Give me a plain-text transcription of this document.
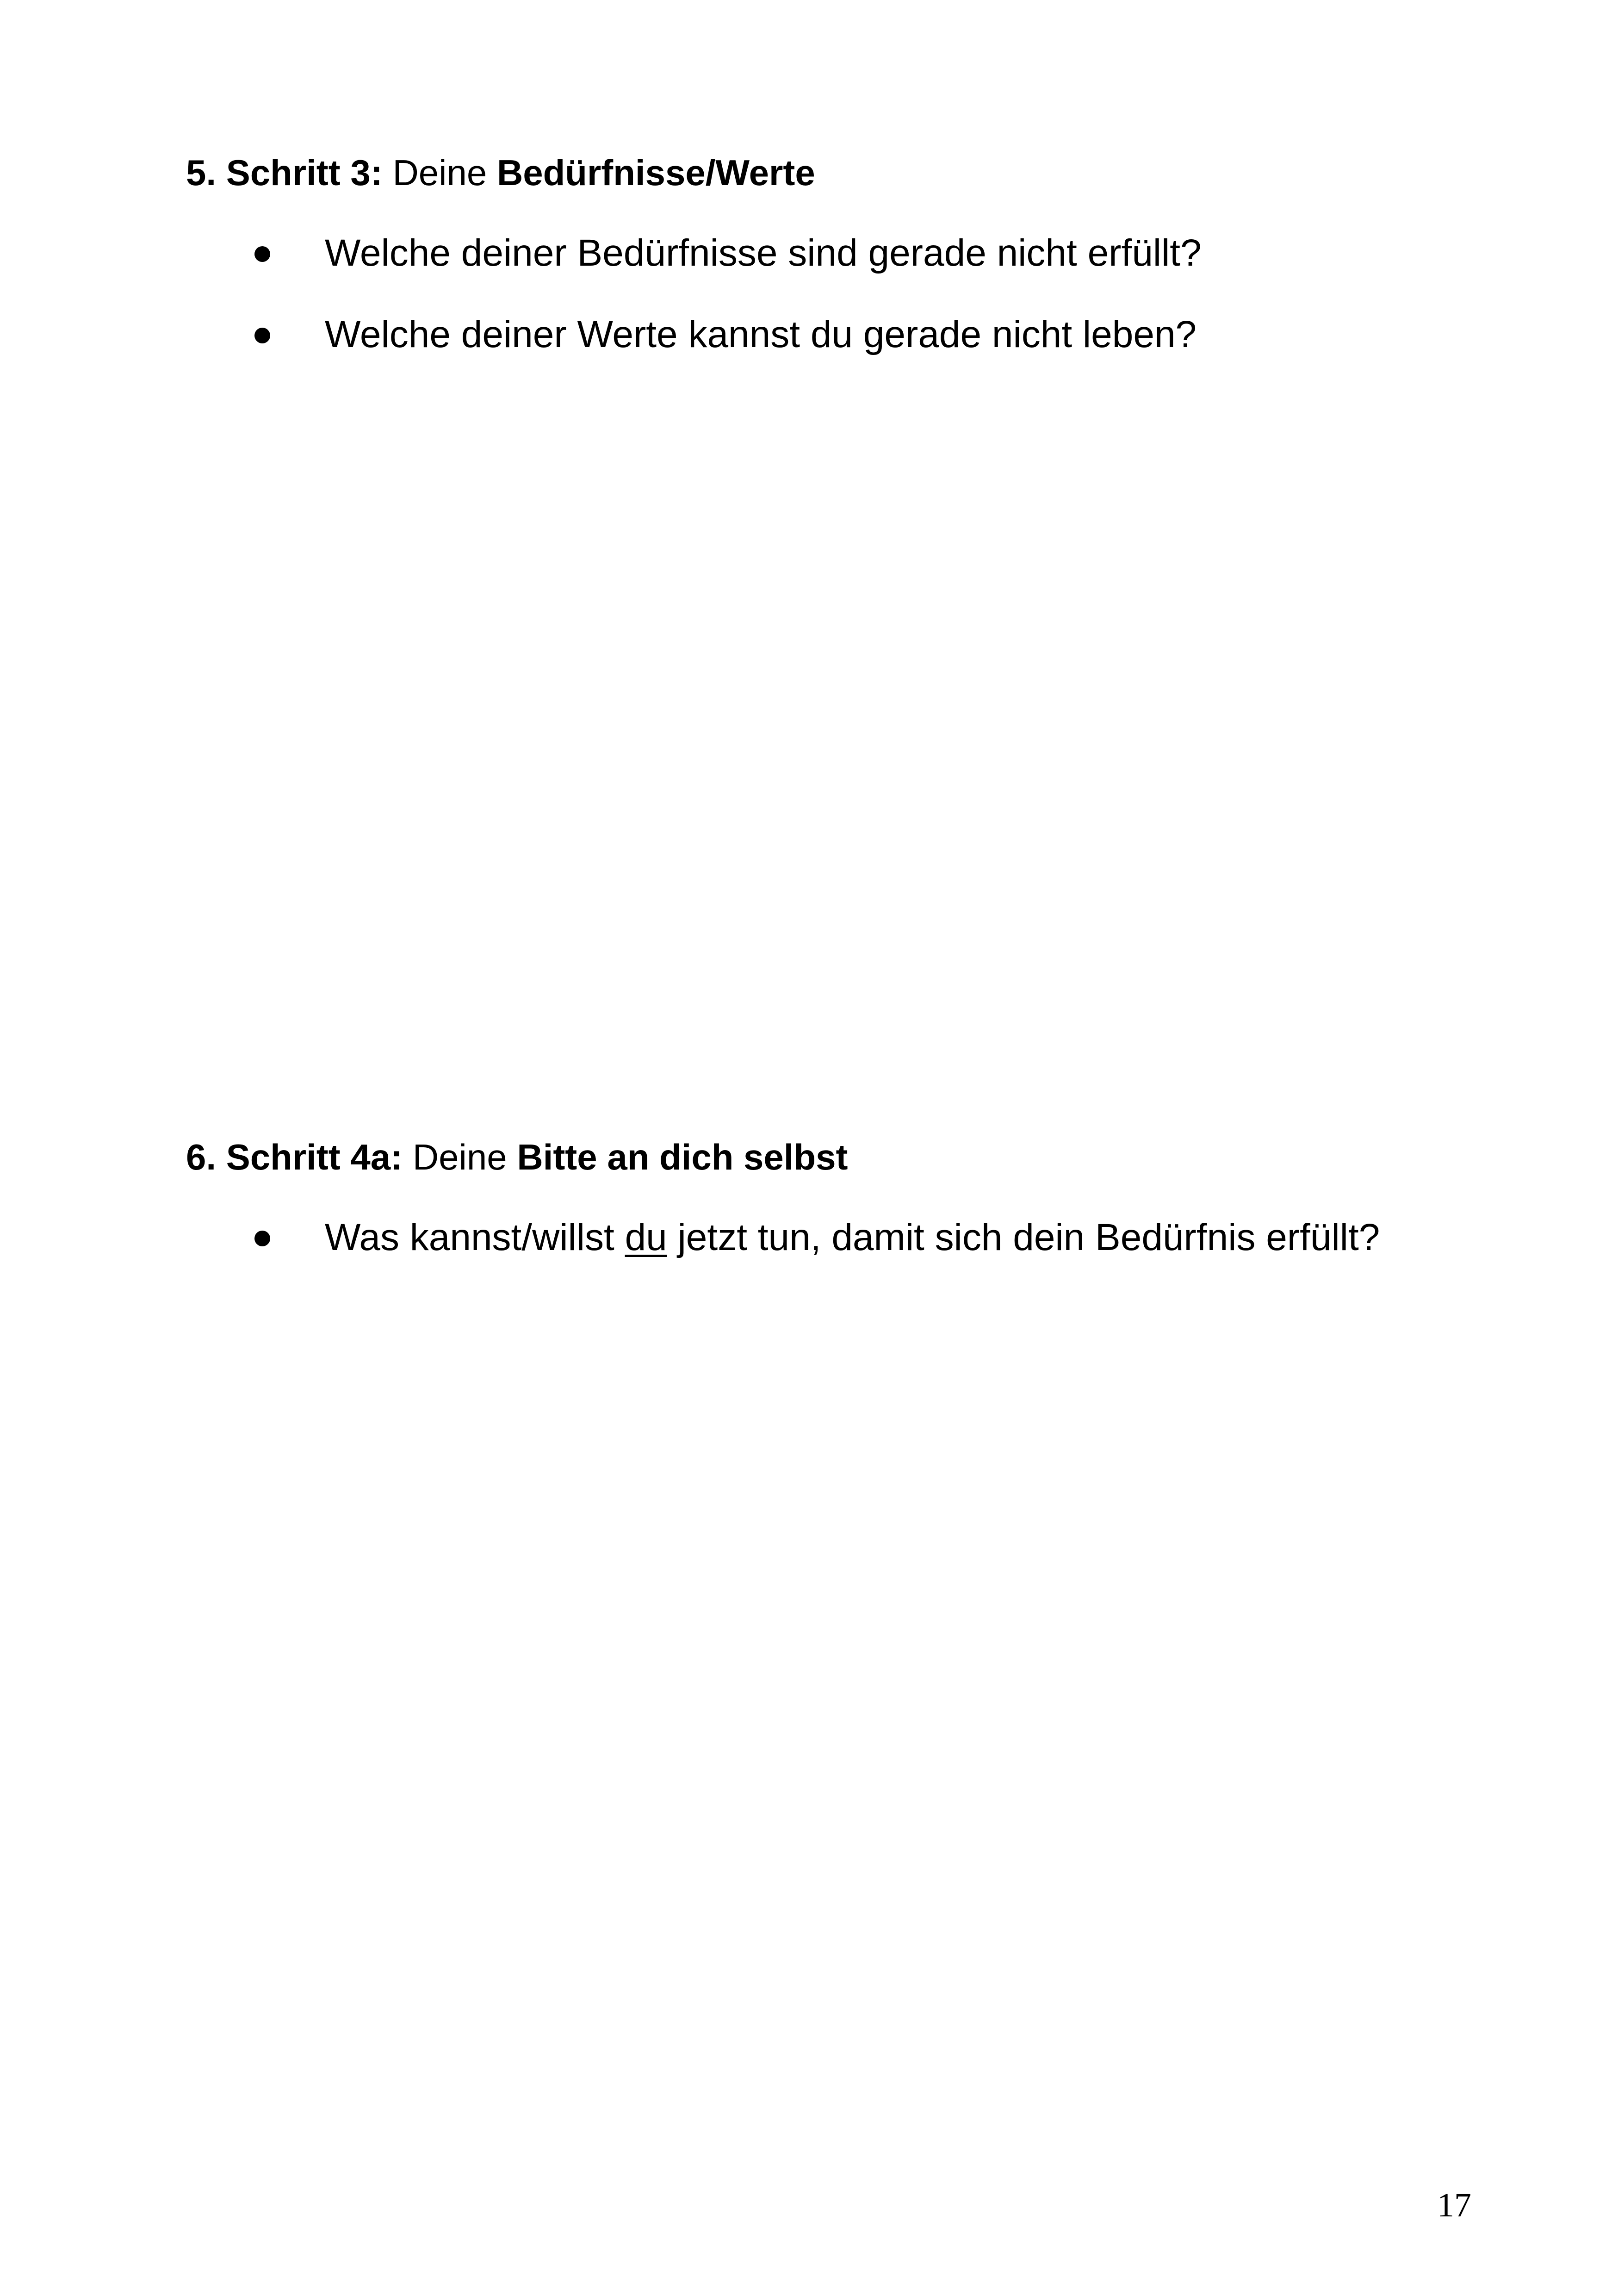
5. Schritt 3: Deine Bedürfnisse/Werte
Welche deiner Bedürfnisse sind gerade nicht erfüllt?
Welche deiner Werte kannst du gerade nicht leben?
6. Schritt 4a: Deine Bitte an dich selbst
Was kannst/willst du jetzt tun, damit sich dein Bedürfnis erfüllt?
17
